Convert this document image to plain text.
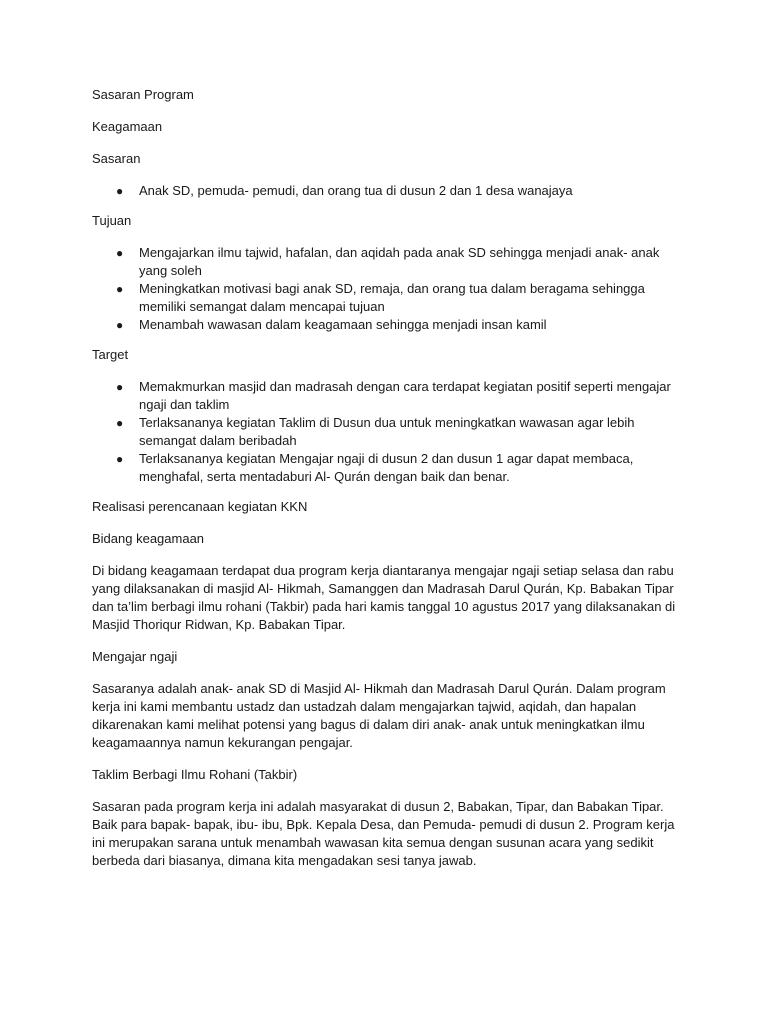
Sasaran Program
Keagamaan
Sasaran
● Anak SD, pemuda- pemudi, dan orang tua di dusun 2 dan 1 desa wanajaya
Tujuan
● Mengajarkan ilmu tajwid, hafalan, dan aqidah pada anak SD sehingga menjadi anak- anak yang soleh
● Meningkatkan motivasi bagi anak SD, remaja, dan orang tua dalam beragama sehingga memiliki semangat dalam mencapai tujuan
● Menambah wawasan dalam keagamaan sehingga menjadi insan kamil
Target
● Memakmurkan masjid dan madrasah dengan cara terdapat kegiatan positif seperti mengajar ngaji dan taklim
● Terlaksananya kegiatan Taklim di Dusun dua untuk meningkatkan wawasan agar lebih semangat dalam beribadah
● Terlaksananya kegiatan Mengajar ngaji di dusun 2 dan dusun 1 agar dapat membaca, menghafal, serta mentadaburi Al- Qurán dengan baik dan benar.
Realisasi perencanaan kegiatan KKN
Bidang keagamaan

Di bidang keagamaan terdapat dua program kerja diantaranya mengajar ngaji setiap selasa dan rabu yang dilaksanakan di masjid Al- Hikmah, Samanggen dan Madrasah Darul Qurán, Kp. Babakan Tipar dan ta’lim berbagi ilmu rohani (Takbir) pada hari kamis tanggal 10 agustus 2017 yang dilaksanakan di Masjid Thoriqur Ridwan, Kp. Babakan Tipar.

Mengajar ngaji

Sasaranya adalah anak- anak SD di Masjid Al- Hikmah dan Madrasah Darul Qurán. Dalam program kerja ini kami membantu ustadz dan ustadzah dalam mengajarkan tajwid, aqidah, dan hapalan dikarenakan kami melihat potensi yang bagus di dalam diri anak- anak untuk meningkatkan ilmu keagamaannya namun kekurangan pengajar.

Taklim Berbagi Ilmu Rohani (Takbir)

Sasaran pada program kerja ini adalah masyarakat di dusun 2, Babakan, Tipar, dan Babakan Tipar. Baik para bapak- bapak, ibu- ibu, Bpk. Kepala Desa, dan Pemuda- pemudi di dusun 2. Program kerja ini merupakan sarana untuk menambah wawasan kita semua dengan susunan acara yang sedikit berbeda dari biasanya, dimana kita mengadakan sesi tanya jawab.
